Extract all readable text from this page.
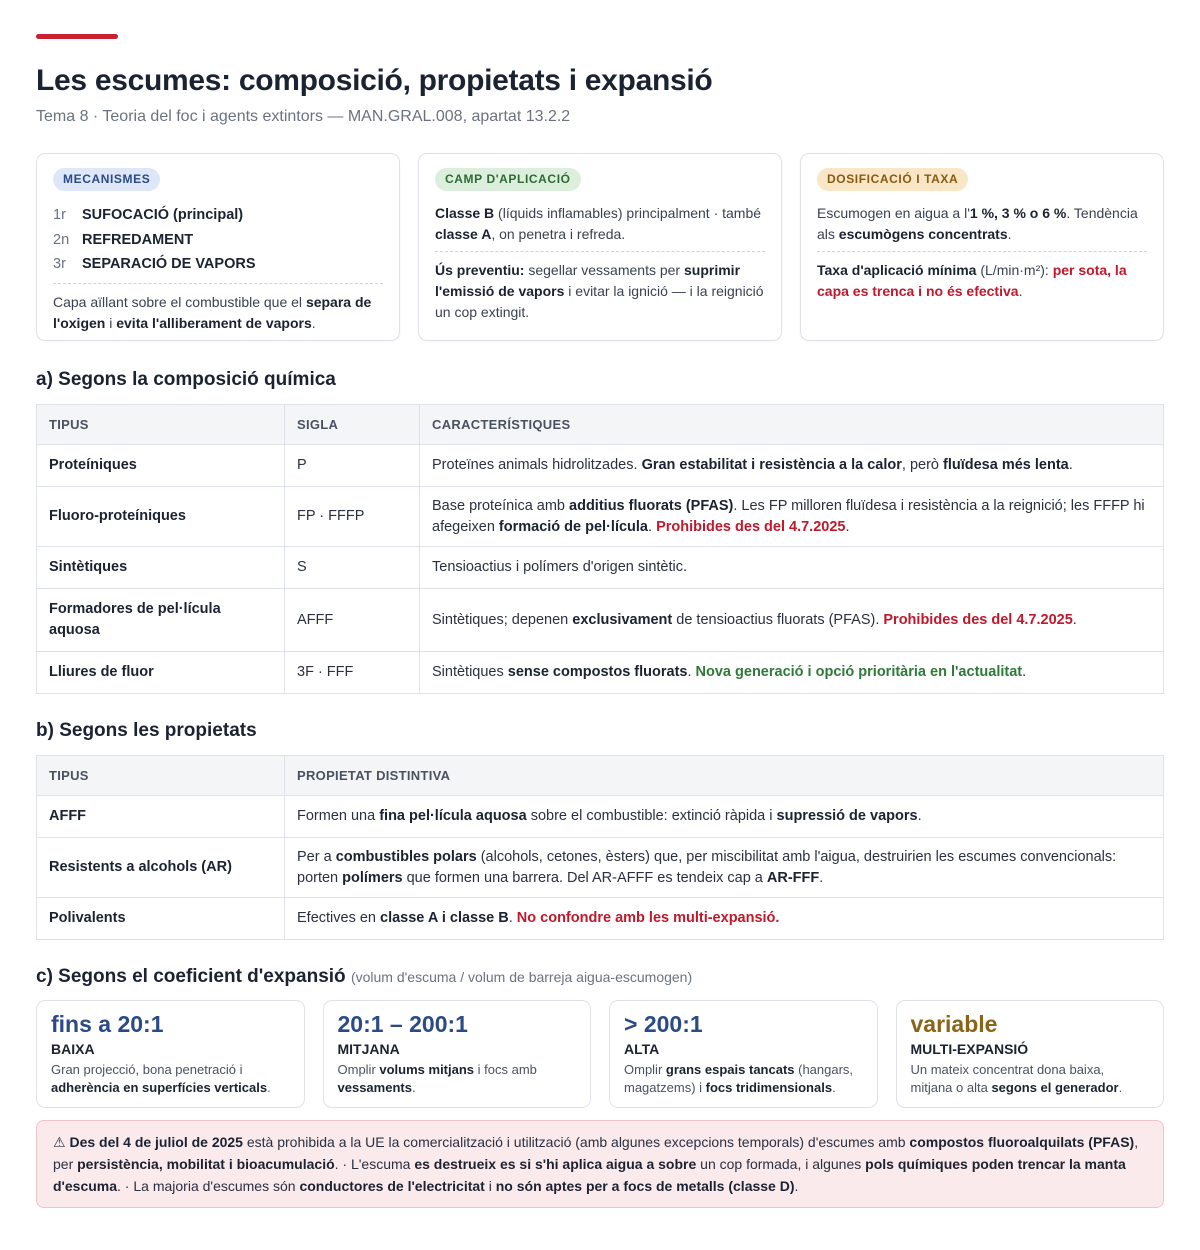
Les escumes: composició, propietats i expansió
Tema 8 · Teoria del foc i agents extintors — MAN.GRAL.008, apartat 13.2.2
MECANISMES
1r	SUFOCACIÓ (principal)
2n REFREDAMENT
3r	SEPARACIÓ DE VAPORS
Capa aïllant sobre el combustible que el separa de l'oxigen i evita l'alliberament de vapors.
CAMP D'APLICACIÓ
Classe B (líquids inflamables) principalment · també classe A, on penetra i refreda.
Ús preventiu: segellar vessaments per suprimir l'emissió de vapors i evitar la ignició — i la reignició un cop extingit.
DOSIFICACIÓ I TAXA
Escumogen en aigua a l'1 %, 3 % o 6 %. Tendència als escumògens concentrats.
Taxa d'aplicació mínima (L/min·m²): per sota, la capa es trenca i no és efectiva.
a) Segons la composició química
TIPUS	SIGLA	CARACTERÍSTIQUES
Proteíniques	P	Proteïnes animals hidrolitzades. Gran estabilitat i resistència a la calor, però fluïdesa més lenta.
Fluoro-proteíniques	FP · FFFP	Base proteínica amb additius fluorats (PFAS). Les FP milloren fluïdesa i resistència a la reignició; les FFFP hi afegeixen formació de pel·lícula. Prohibides des del 4.7.2025.
Sintètiques	S	Tensioactius i polímers d'origen sintètic.
Formadores de pel·lícula aquosa	AFFF	Sintètiques; depenen exclusivament de tensioactius fluorats (PFAS). Prohibides des del 4.7.2025.
Lliures de fluor	3F · FFF	Sintètiques sense compostos fluorats. Nova generació i opció prioritària en l'actualitat.
b) Segons les propietats
TIPUS	PROPIETAT DISTINTIVA
AFFF	Formen una fina pel·lícula aquosa sobre el combustible: extinció ràpida i supressió de vapors.
Resistents a alcohols (AR)	Per a combustibles polars (alcohols, cetones, èsters) que, per miscibilitat amb l'aigua, destruirien les escumes convencionals: porten polímers que formen una barrera. Del AR-AFFF es tendeix cap a AR-FFF.
Polivalents	Efectives en classe A i classe B. No confondre amb les multi-expansió.
c) Segons el coeficient d'expansió (volum d'escuma / volum de barreja aigua-escumogen)
fins a 20:1
BAIXA
Gran projecció, bona penetració i adherència en superfícies verticals.
20:1 – 200:1
MITJANA
Omplir volums mitjans i focs amb vessaments.
> 200:1
ALTA
Omplir grans espais tancats (hangars, magatzems) i focs tridimensionals.
variable
MULTI-EXPANSIÓ
Un mateix concentrat dona baixa, mitjana o alta segons el generador.
⚠ Des del 4 de juliol de 2025 està prohibida a la UE la comercialització i utilització (amb algunes excepcions temporals) d'escumes amb compostos fluoroalquilats (PFAS), per persistència, mobilitat i bioacumulació. · L'escuma es destrueix es si s'hi aplica aigua a sobre un cop formada, i algunes pols químiques poden trencar la manta d'escuma. · La majoria d'escumes són conductores de l'electricitat i no són aptes per a focs de metalls (classe D).
